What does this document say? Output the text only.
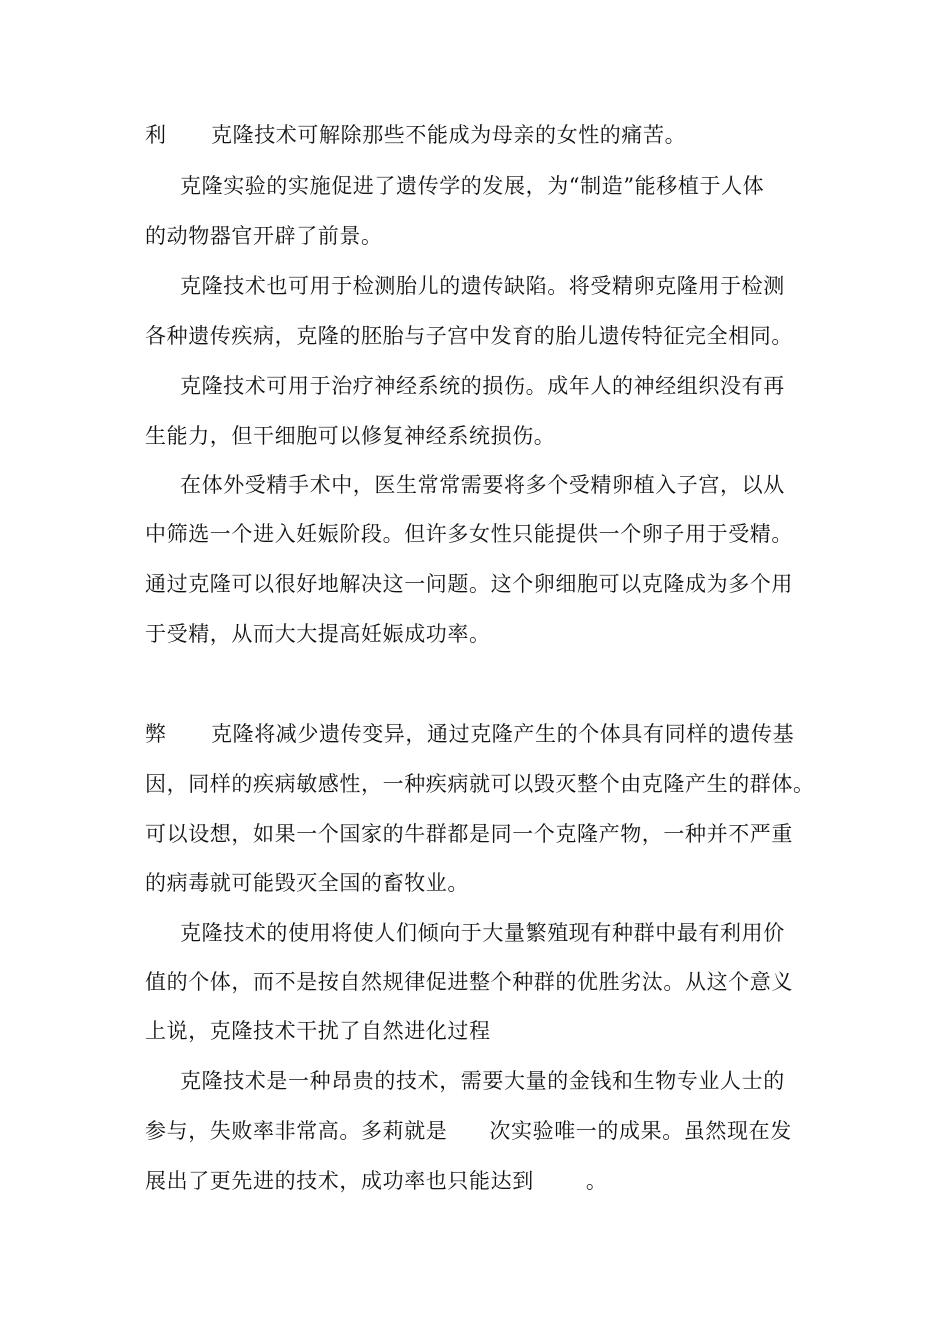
利 克隆技术可解除那些不能成为母亲的女性的痛苦。
克隆实验的实施促进了遗传学的发展，为“制造”能移植于人体
的动物器官开辟了前景。
克隆技术也可用于检测胎儿的遗传缺陷。将受精卵克隆用于检测
各种遗传疾病，克隆的胚胎与子宫中发育的胎儿遗传特征完全相同。
克隆技术可用于治疗神经系统的损伤。成年人的神经组织没有再
生能力，但干细胞可以修复神经系统损伤。
在体外受精手术中，医生常常需要将多个受精卵植入子宫，以从
中筛选一个进入妊娠阶段。但许多女性只能提供一个卵子用于受精。
通过克隆可以很好地解决这一问题。这个卵细胞可以克隆成为多个用
于受精，从而大大提高妊娠成功率。
弊 克隆将减少遗传变异，通过克隆产生的个体具有同样的遗传基
因，同样的疾病敏感性，一种疾病就可以毁灭整个由克隆产生的群体。
可以设想，如果一个国家的牛群都是同一个克隆产物，一种并不严重
的病毒就可能毁灭全国的畜牧业。
克隆技术的使用将使人们倾向于大量繁殖现有种群中最有利用价
值的个体，而不是按自然规律促进整个种群的优胜劣汰。从这个意义
上说，克隆技术干扰了自然进化过程
克隆技术是一种昂贵的技术，需要大量的金钱和生物专业人士的
参与，失败率非常高。多莉就是 次实验唯一的成果。虽然现在发
展出了更先进的技术，成功率也只能达到 。
